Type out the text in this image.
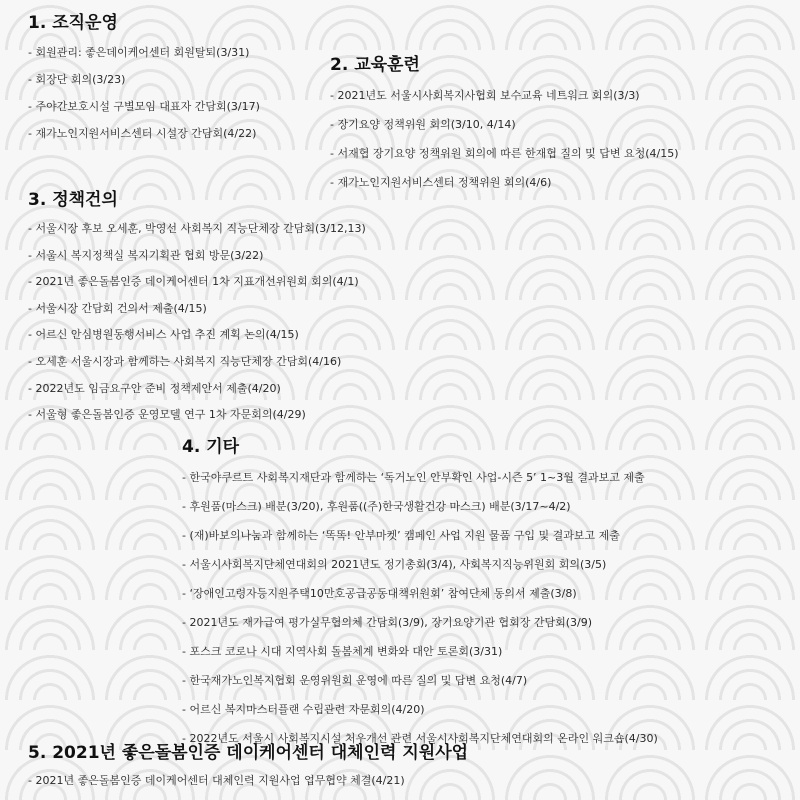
1. 조직운영
- 회원관리: 좋은데이케어센터 회원탈퇴(3/31)
- 회장단 회의(3/23)
- 주야간보호시설 구별모임 대표자 간담회(3/17)
- 재가노인지원서비스센터 시설장 간담회(4/22)
2. 교육훈련
- 2021년도 서울시사회복지사협회 보수교육 네트워크 회의(3/3)
- 장기요양 정책위원 회의(3/10, 4/14)
- 서재협 장기요양 정책위원 회의에 따른 한재협 질의 및 답변 요청(4/15)
- 재가노인지원서비스센터 정책위원 회의(4/6)
3. 정책건의
- 서울시장 후보 오세훈, 박영선 사회복지 직능단체장 간담회(3/12,13)
- 서울시 복지정책실 복지기획관 협회 방문(3/22)
- 2021년 좋은돌봄인증 데이케어센터 1차 지표개선위원회 회의(4/1)
- 서울시장 간담회 건의서 제출(4/15)
- 어르신 안심병원동행서비스 사업 추진 계획 논의(4/15)
- 오세훈 서울시장과 함께하는 사회복지 직능단체장 간담회(4/16)
- 2022년도 임금요구안 준비 정책제안서 제출(4/20)
- 서울형 좋은돌봄인증 운영모델 연구 1차 자문회의(4/29)
4. 기타
- 한국야쿠르트 사회복지재단과 함께하는 ‘독거노인 안부확인 사업-시즌 5’ 1~3월 결과보고 제출
- 후원품(마스크) 배분(3/20), 후원품((주)한국생활건강 마스크) 배분(3/17~4/2)
- (재)바보의나눔과 함께하는 ‘똑똑! 안부마켓’ 캠페인 사업 지원 물품 구입 및 결과보고 제출
- 서울시사회복지단체연대회의 2021년도 정기총회(3/4), 사회복지직능위원회 회의(3/5)
- ‘장애인고령자등지원주택10만호공급공동대책위원회’ 참여단체 동의서 제출(3/8)
- 2021년도 재가급여 평가실무협의체 간담회(3/9), 장기요양기관 협회장 간담회(3/9)
- 포스크 코로나 시대 지역사회 돌봄체계 변화와 대안 토론회(3/31)
- 한국재가노인복지협회 운영위원회 운영에 따른 질의 및 답변 요청(4/7)
- 어르신 복지마스터플랜 수립관련 자문회의(4/20)
- 2022년도 서울시 사회복지시설 처우개선 관련 서울시사회복지단체연대회의 온라인 워크숍(4/30)
5. 2021년 좋은돌봄인증 데이케어센터 대체인력 지원사업
- 2021년 좋은돌봄인증 데이케어센터 대체인력 지원사업 업무협약 체결(4/21)
